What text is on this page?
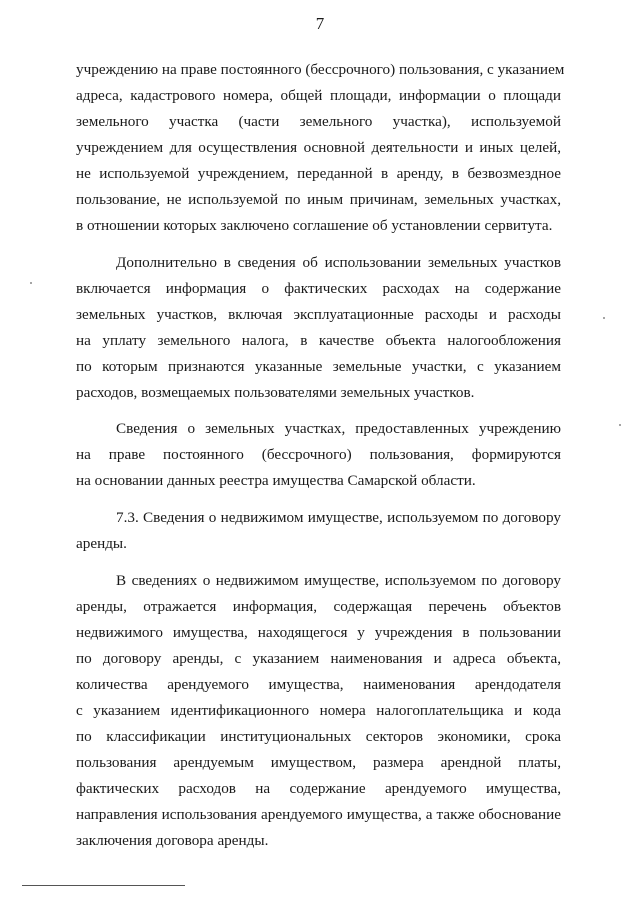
7
учреждению на праве постоянного (бессрочного) пользования, с указанием
адреса, кадастрового номера, общей площади, информации о площади
земельного участка (части земельного участка), используемой
учреждением для осуществления основной деятельности и иных целей,
не используемой учреждением, переданной в аренду, в безвозмездное
пользование, не используемой по иным причинам, земельных участках,
в отношении которых заключено соглашение об установлении сервитута.
Дополнительно в сведения об использовании земельных участков
включается информация о фактических расходах на содержание
земельных участков, включая эксплуатационные расходы и расходы
на уплату земельного налога, в качестве объекта налогообложения
по которым признаются указанные земельные участки, с указанием
расходов, возмещаемых пользователями земельных участков.
Сведения о земельных участках, предоставленных учреждению
на праве постоянного (бессрочного) пользования, формируются
на основании данных реестра имущества Самарской области.
7.3. Сведения о недвижимом имуществе, используемом по договору
аренды.
В сведениях о недвижимом имуществе, используемом по договору
аренды, отражается информация, содержащая перечень объектов
недвижимого имущества, находящегося у учреждения в пользовании
по договору аренды, с указанием наименования и адреса объекта,
количества арендуемого имущества, наименования арендодателя
с указанием идентификационного номера налогоплательщика и кода
по классификации институциональных секторов экономики, срока
пользования арендуемым имуществом, размера арендной платы,
фактических расходов на содержание арендуемого имущества,
направления использования арендуемого имущества, а также обоснование
заключения договора аренды.
